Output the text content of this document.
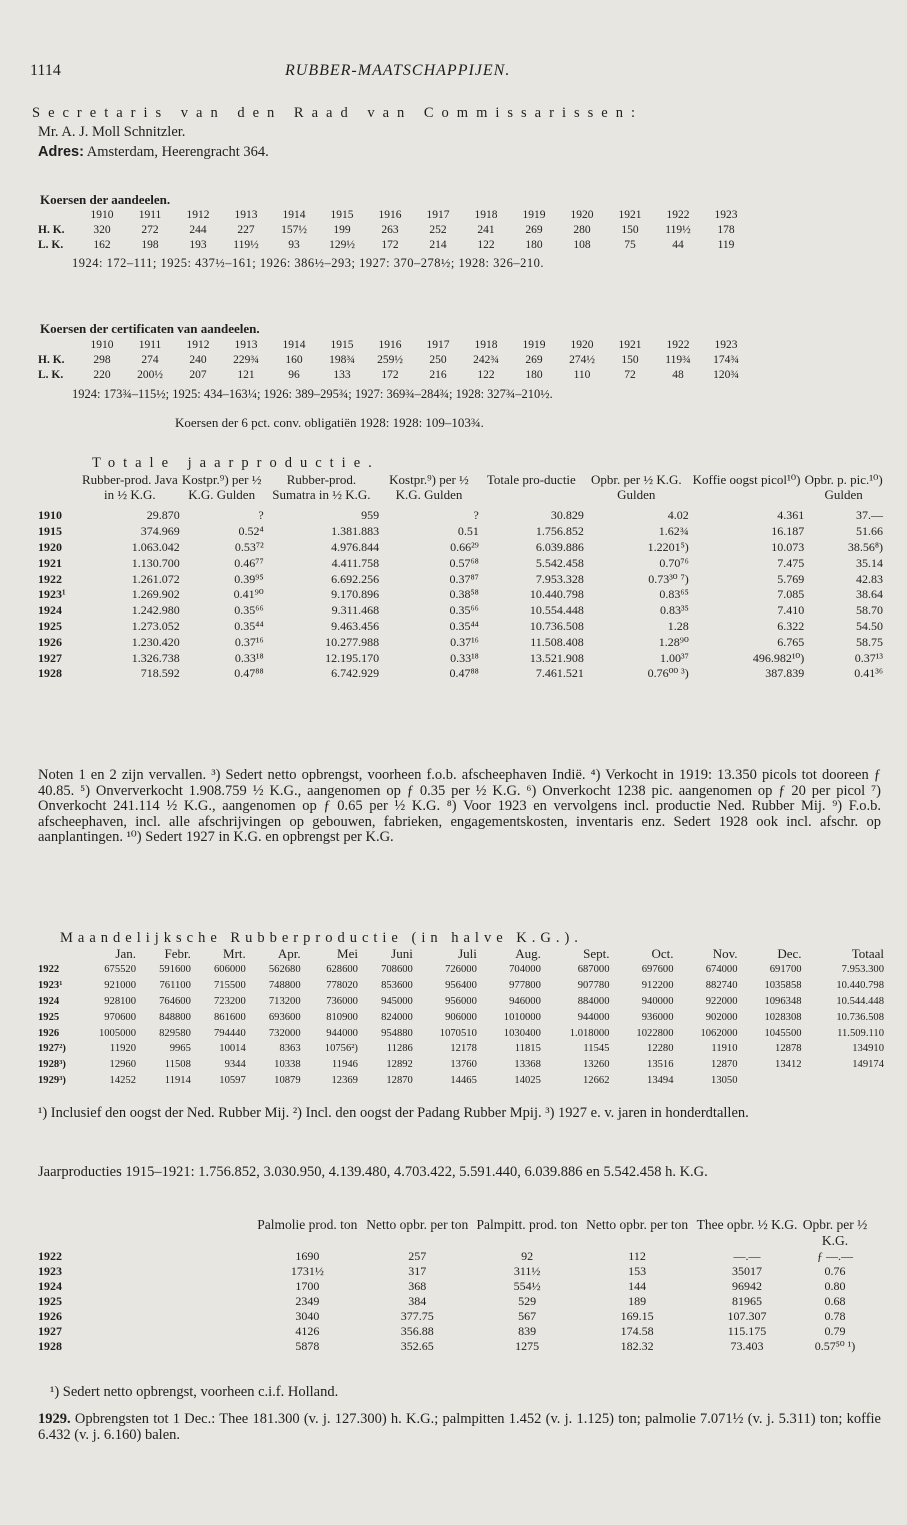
1114	RUBBER-MAATSCHAPPIJEN.
Secretaris van den Raad van Commissarissen:
Mr. A. J. Moll Schnitzler.
Adres: Amsterdam, Heerengracht 364.
Koersen der aandeelen.
	1910	1911	1912	1913	1914	1915	1916	1917	1918	1919	1920	1921	1922	1923
H. K.	320	272	244	227	157½	199	263	252	241	269	280	150	119½	178
L. K.	162	198	193	119½	93	129½	172	214	122	180	108	75	44	119
1924: 172–111; 1925: 437½–161; 1926: 386½–293; 1927: 370–278½; 1928: 326–210.
Koersen der certificaten van aandeelen.
	1910	1911	1912	1913	1914	1915	1916	1917	1918	1919	1920	1921	1922	1923
H. K.	298	274	240	229¾	160	198¾	259½	250	242¾	269	274½	150	119¾	174¾
L. K.	220	200½	207	121	96	133	172	216	122	180	110	72	48	120¾
1924: 173¾–115½; 1925: 434–163¼; 1926: 389–295¾; 1927: 369¾–284¾; 1928: 327¾–210½.
Koersen der 6 pct. conv. obligatiën 1928: 1928: 109–103¾.
Totale jaarproductie.
	Rubber-prod. Java in ½ K.G.	Kostpr.⁹) per ½ K.G. Gulden	Rubber-prod. Sumatra in ½ K.G.	Kostpr.⁹) per ½ K.G. Gulden	Totale pro-ductie	Opbr. per ½ K.G. Gulden	Koffie oogst picol¹⁰)	Opbr. p. pic.¹⁰) Gulden
1910	29.870	?	959	?	30.829	4.02	4.361	37.—
1915	374.969	0.52⁴	1.381.883	0.51	1.756.852	1.62¾	16.187	51.66
1920	1.063.042	0.53⁷²	4.976.844	0.66²⁹	6.039.886	1.2201⁵)	10.073	38.56⁸)
1921	1.130.700	0.46⁷⁷	4.411.758	0.57⁶⁸	5.542.458	0.70⁷⁶	7.475	35.14
1922	1.261.072	0.39⁹⁵	6.692.256	0.37⁸⁷	7.953.328	0.73³⁰ ⁷)	5.769	42.83
1923¹	1.269.902	0.41⁹⁰	9.170.896	0.38⁵⁸	10.440.798	0.83⁶⁵	7.085	38.64
1924	1.242.980	0.35⁶⁶	9.311.468	0.35⁶⁶	10.554.448	0.83³⁵	7.410	58.70
1925	1.273.052	0.35⁴⁴	9.463.456	0.35⁴⁴	10.736.508	1.28	6.322	54.50
1926	1.230.420	0.37¹⁶	10.277.988	0.37¹⁶	11.508.408	1.28⁹⁰	6.765	58.75
1927	1.326.738	0.33¹⁸	12.195.170	0.33¹⁸	13.521.908	1.00³⁷	496.982¹⁰)	0.37¹³
1928	718.592	0.47⁸⁸	6.742.929	0.47⁸⁸	7.461.521	0.76⁰⁰ ³)	387.839	0.41³⁶
Noten 1 en 2 zijn vervallen. ³) Sedert netto opbrengst, voorheen f.o.b. afscheephaven Indië. ⁴) Verkocht in 1919: 13.350 picols tot dooreen ƒ 40.85. ⁵) Onververkocht 1.908.759 ½ K.G., aangenomen op ƒ 0.35 per ½ K.G. ⁶) Onverkocht 1238 pic. aangenomen op ƒ 20 per picol ⁷) Onverkocht 241.114 ½ K.G., aangenomen op ƒ 0.65 per ½ K.G. ⁸) Voor 1923 en vervolgens incl. productie Ned. Rubber Mij. ⁹) F.o.b. afscheephaven, incl. alle afschrijvingen op gebouwen, fabrieken, engagementskosten, inventaris enz. Sedert 1928 ook incl. afschr. op aanplantingen. ¹⁰) Sedert 1927 in K.G. en opbrengst per K.G.
Maandelijksche Rubberproductie (in halve K.G.).
	Jan.	Febr.	Mrt.	Apr.	Mei	Juni	Juli	Aug.	Sept.	Oct.	Nov.	Dec.	Totaal
1922	675520	591600	606000	562680	628600	708600	726000	704000	687000	697600	674000	691700	7.953.300
1923¹	921000	761100	715500	748800	778020	853600	956400	977800	907780	912200	882740	1035858	10.440.798
1924	928100	764600	723200	713200	736000	945000	956000	946000	884000	940000	922000	1096348	10.544.448
1925	970600	848800	861600	693600	810900	824000	906000	1010000	944000	936000	902000	1028308	10.736.508
1926	1005000	829580	794440	732000	944000	954880	1070510	1030400	1.018000	1022800	1062000	1045500	11.509.110
1927²)	11920	9965	10014	8363	10756²)	11286	12178	11815	11545	12280	11910	12878	134910
1928³)	12960	11508	9344	10338	11946	12892	13760	13368	13260	13516	12870	13412	149174
1929³)	14252	11914	10597	10879	12369	12870	14465	14025	12662	13494	13050		
¹) Inclusief den oogst der Ned. Rubber Mij. ²) Incl. den oogst der Padang Rubber Mpij. ³) 1927 e. v. jaren in honderdtallen.
Jaarproducties 1915–1921: 1.756.852, 3.030.950, 4.139.480, 4.703.422, 5.591.440, 6.039.886 en 5.542.458 h. K.G.
	Palmolie prod. ton	Netto opbr. per ton	Palmpitt. prod. ton	Netto opbr. per ton	Thee opbr. ½ K.G.	Opbr. per ½ K.G.
1922	1690	257	92	112	—.—	ƒ —.—
1923	1731½	317	311½	153	35017	0.76
1924	1700	368	554½	144	96942	0.80
1925	2349	384	529	189	81965	0.68
1926	3040	377.75	567	169.15	107.307	0.78
1927	4126	356.88	839	174.58	115.175	0.79
1928	5878	352.65	1275	182.32	73.403	0.57⁵⁰ ¹)
¹) Sedert netto opbrengst, voorheen c.i.f. Holland.
1929. Opbrengsten tot 1 Dec.: Thee 181.300 (v. j. 127.300) h. K.G.; palmpitten 1.452 (v. j. 1.125) ton; palmolie 7.071½ (v. j. 5.311) ton; koffie 6.432 (v. j. 6.160) balen.
